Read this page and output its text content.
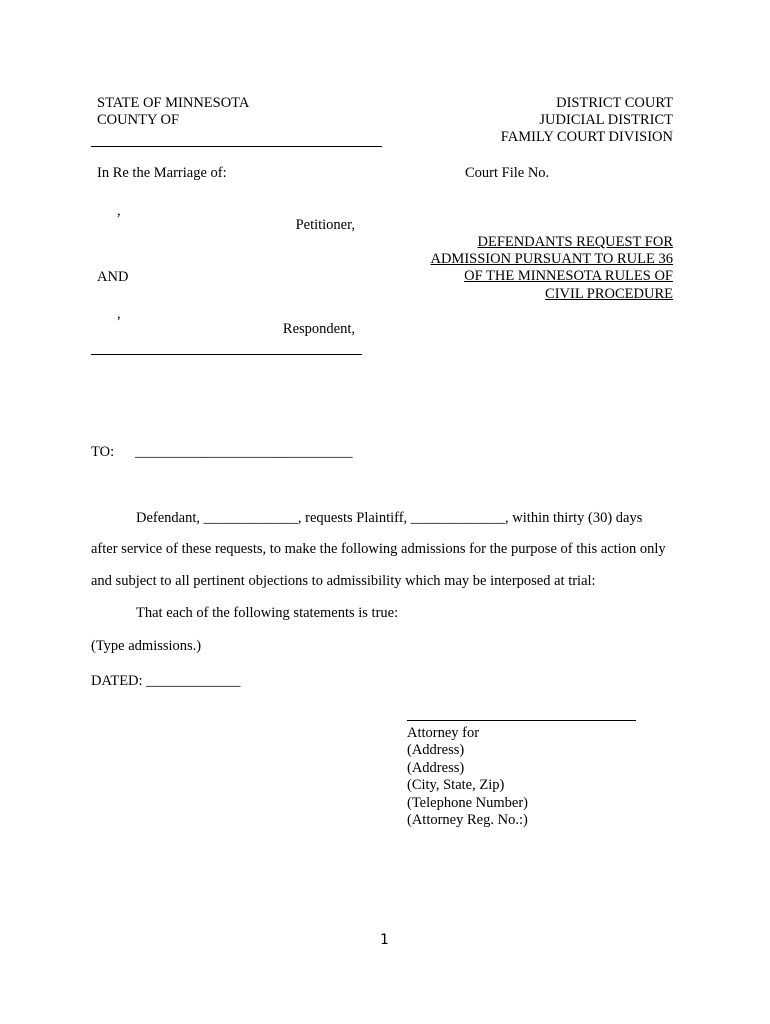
STATE OF MINNESOTA
COUNTY OF
DISTRICT COURT
JUDICIAL DISTRICT
FAMILY COURT DIVISION
In Re the Marriage of:	Court File No.
,
Petitioner,
AND
,
Respondent,
DEFENDANTS REQUEST FOR
ADMISSION PURSUANT TO RULE 36
OF THE MINNESOTA RULES OF
CIVIL PROCEDURE
TO: ______________________________
Defendant, _____________, requests Plaintiff, _____________, within thirty (30) days
after service of these requests, to make the following admissions for the purpose of this action only
and subject to all pertinent objections to admissibility which may be interposed at trial:
That each of the following statements is true:
(Type admissions.)
DATED: _____________
Attorney for
(Address)
(Address)
(City, State, Zip)
(Telephone Number)
(Attorney Reg. No.:)
1
